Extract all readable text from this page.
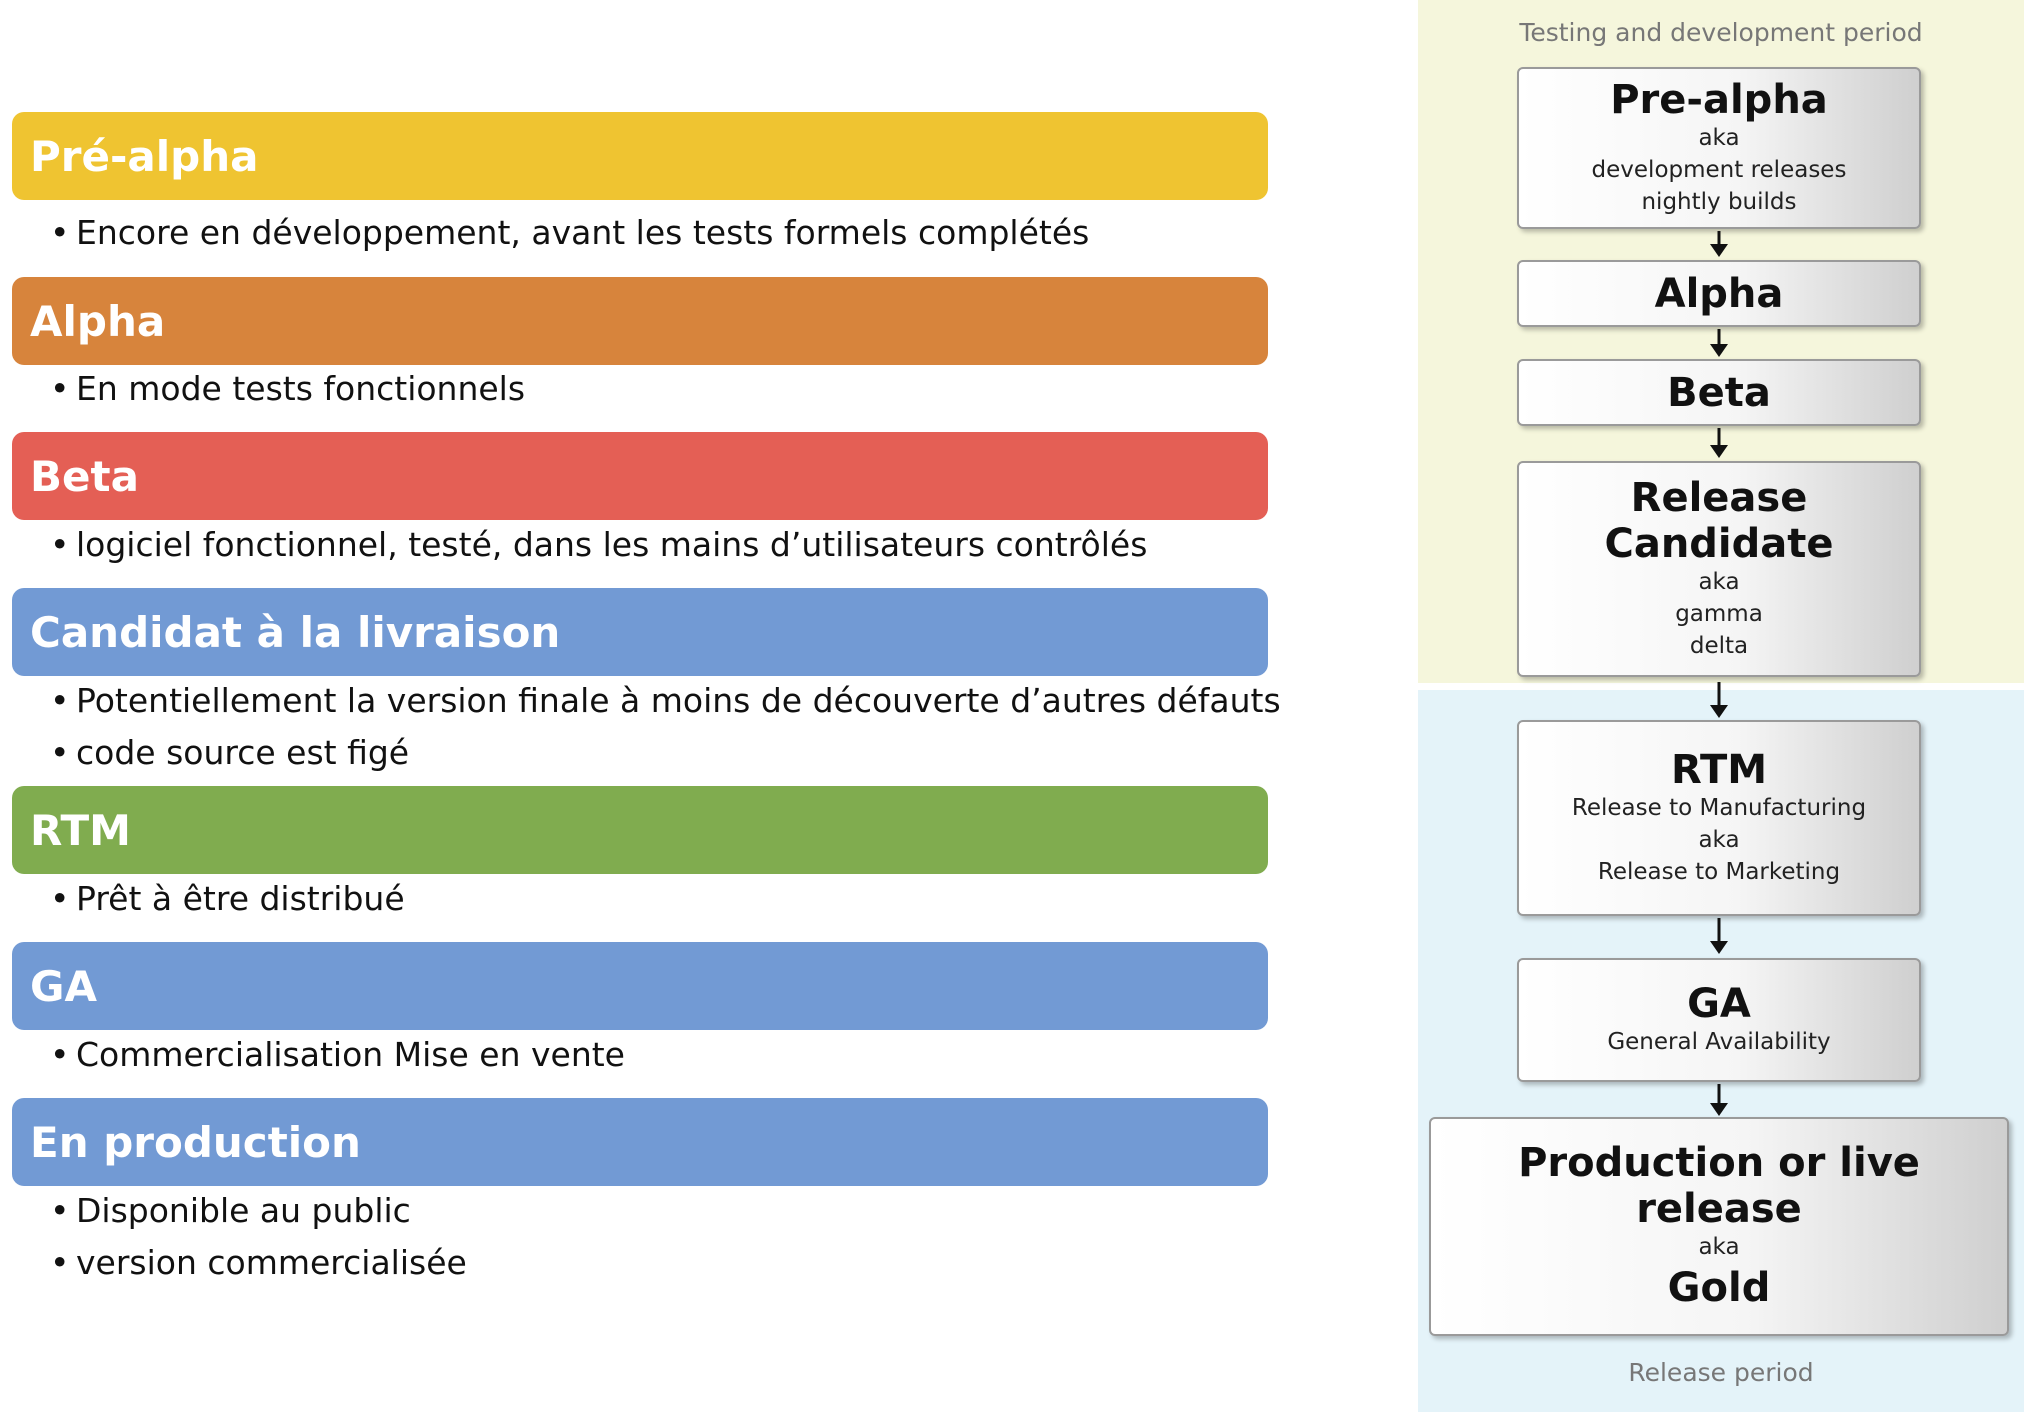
Pré-alpha
• Encore en développement, avant les tests formels complétés
Alpha
• En mode tests fonctionnels
Beta
• logiciel fonctionnel, testé, dans les mains d’utilisateurs contrôlés
Candidat à la livraison
• Potentiellement la version finale à moins de découverte d’autres défauts
• code source est figé
RTM
• Prêt à être distribué
GA
• Commercialisation Mise en vente
En production
• Disponible au public
• version commercialisée
Testing and development period
Release period
Pre-alpha
aka
development releases
nightly builds
Alpha
Beta
Release Candidate
aka
gamma
delta
RTM
Release to Manufacturing
aka
Release to Marketing
GA
General Availability
Production or live release
aka
Gold
